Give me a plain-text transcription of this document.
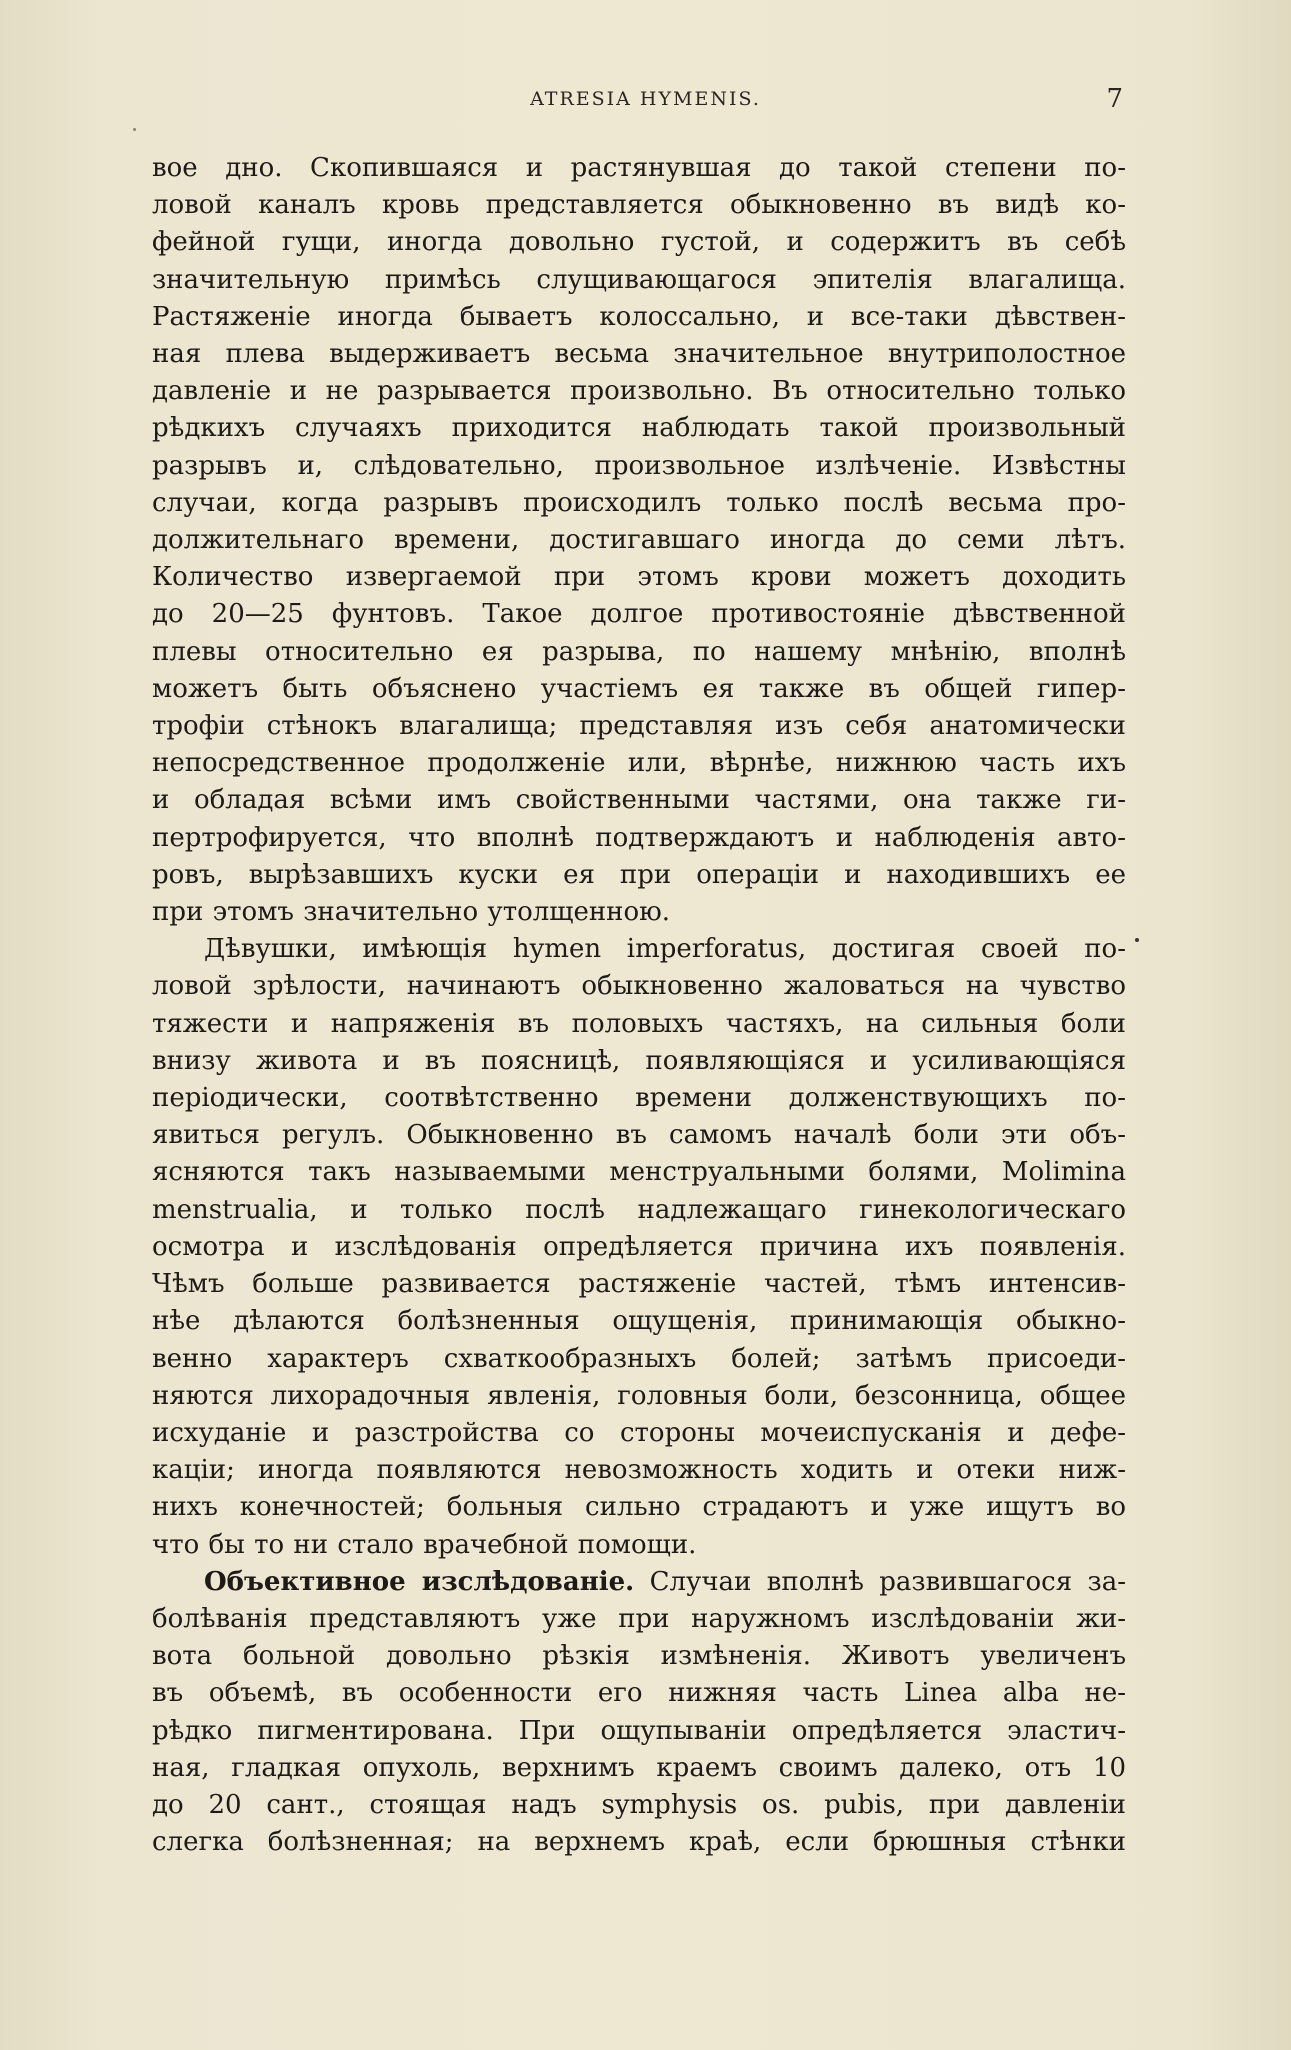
ATRESIA HYMENIS.	7

вое дно. Скопившаяся и растянувшая до такой степени по-

ловой каналъ кровь представляется обыкновенно въ видѣ ко-

фейной гущи, иногда довольно густой, и содержитъ въ себѣ

значительную примѣсь слущивающагося эпителія влагалища.

Растяженіе иногда бываетъ колоссально, и все-таки дѣвствен-

ная плева выдерживаетъ весьма значительное внутриполостное

давленіе и не разрывается произвольно. Въ относительно только

рѣдкихъ случаяхъ приходится наблюдать такой произвольный

разрывъ и, слѣдовательно, произвольное излѣченіе. Извѣстны

случаи, когда разрывъ происходилъ только послѣ весьма про-

должительнаго времени, достигавшаго иногда до семи лѣтъ.

Количество извергаемой при этомъ крови можетъ доходить

до 20—25 фунтовъ. Такое долгое противостояніе дѣвственной

плевы относительно ея разрыва, по нашему мнѣнію, вполнѣ

можетъ быть объяснено участіемъ ея также въ общей гипер-

трофіи стѣнокъ влагалища; представляя изъ себя анатомически

непосредственное продолженіе или, вѣрнѣе, нижнюю часть ихъ

и обладая всѣми имъ свойственными частями, она также ги-

пертрофируется, что вполнѣ подтверждаютъ и наблюденія авто-

ровъ, вырѣзавшихъ куски ея при операціи и находившихъ ее

при этомъ значительно утолщенною.

Дѣвушки, имѣющія hymen imperforatus, достигая своей по-

ловой зрѣлости, начинаютъ обыкновенно жаловаться на чувство

тяжести и напряженія въ половыхъ частяхъ, на сильныя боли

внизу живота и въ поясницѣ, появляющіяся и усиливающіяся

періодически, соотвѣтственно времени долженствующихъ по-

явиться регулъ. Обыкновенно въ самомъ началѣ боли эти объ-

ясняются такъ называемыми менструальными болями, Molimina

menstrualia, и только послѣ надлежащаго гинекологическаго

осмотра и изслѣдованія опредѣляется причина ихъ появленія.

Чѣмъ больше развивается растяженіе частей, тѣмъ интенсив-

нѣе дѣлаются болѣзненныя ощущенія, принимающія обыкно-

венно характеръ схваткообразныхъ болей; затѣмъ присоеди-

няются лихорадочныя явленія, головныя боли, безсонница, общее

исхуданіе и разстройства со стороны мочеиспусканія и дефе-

каціи; иногда появляются невозможность ходить и отеки ниж-

нихъ конечностей; больныя сильно страдаютъ и уже ищутъ во

что бы то ни стало врачебной помощи.

Объективное изслѣдованіе. Случаи вполнѣ развившагося за-

болѣванія представляютъ уже при наружномъ изслѣдованіи жи-

вота больной довольно рѣзкія измѣненія. Животъ увеличенъ

въ объемѣ, въ особенности его нижняя часть Linea alba не-

рѣдко пигментирована. При ощупываніи опредѣляется эластич-

ная, гладкая опухоль, верхнимъ краемъ своимъ далеко, отъ 10

до 20 сант., стоящая надъ symphysis os. pubis, при давленіи

слегка болѣзненная; на верхнемъ краѣ, если брюшныя стѣнки
